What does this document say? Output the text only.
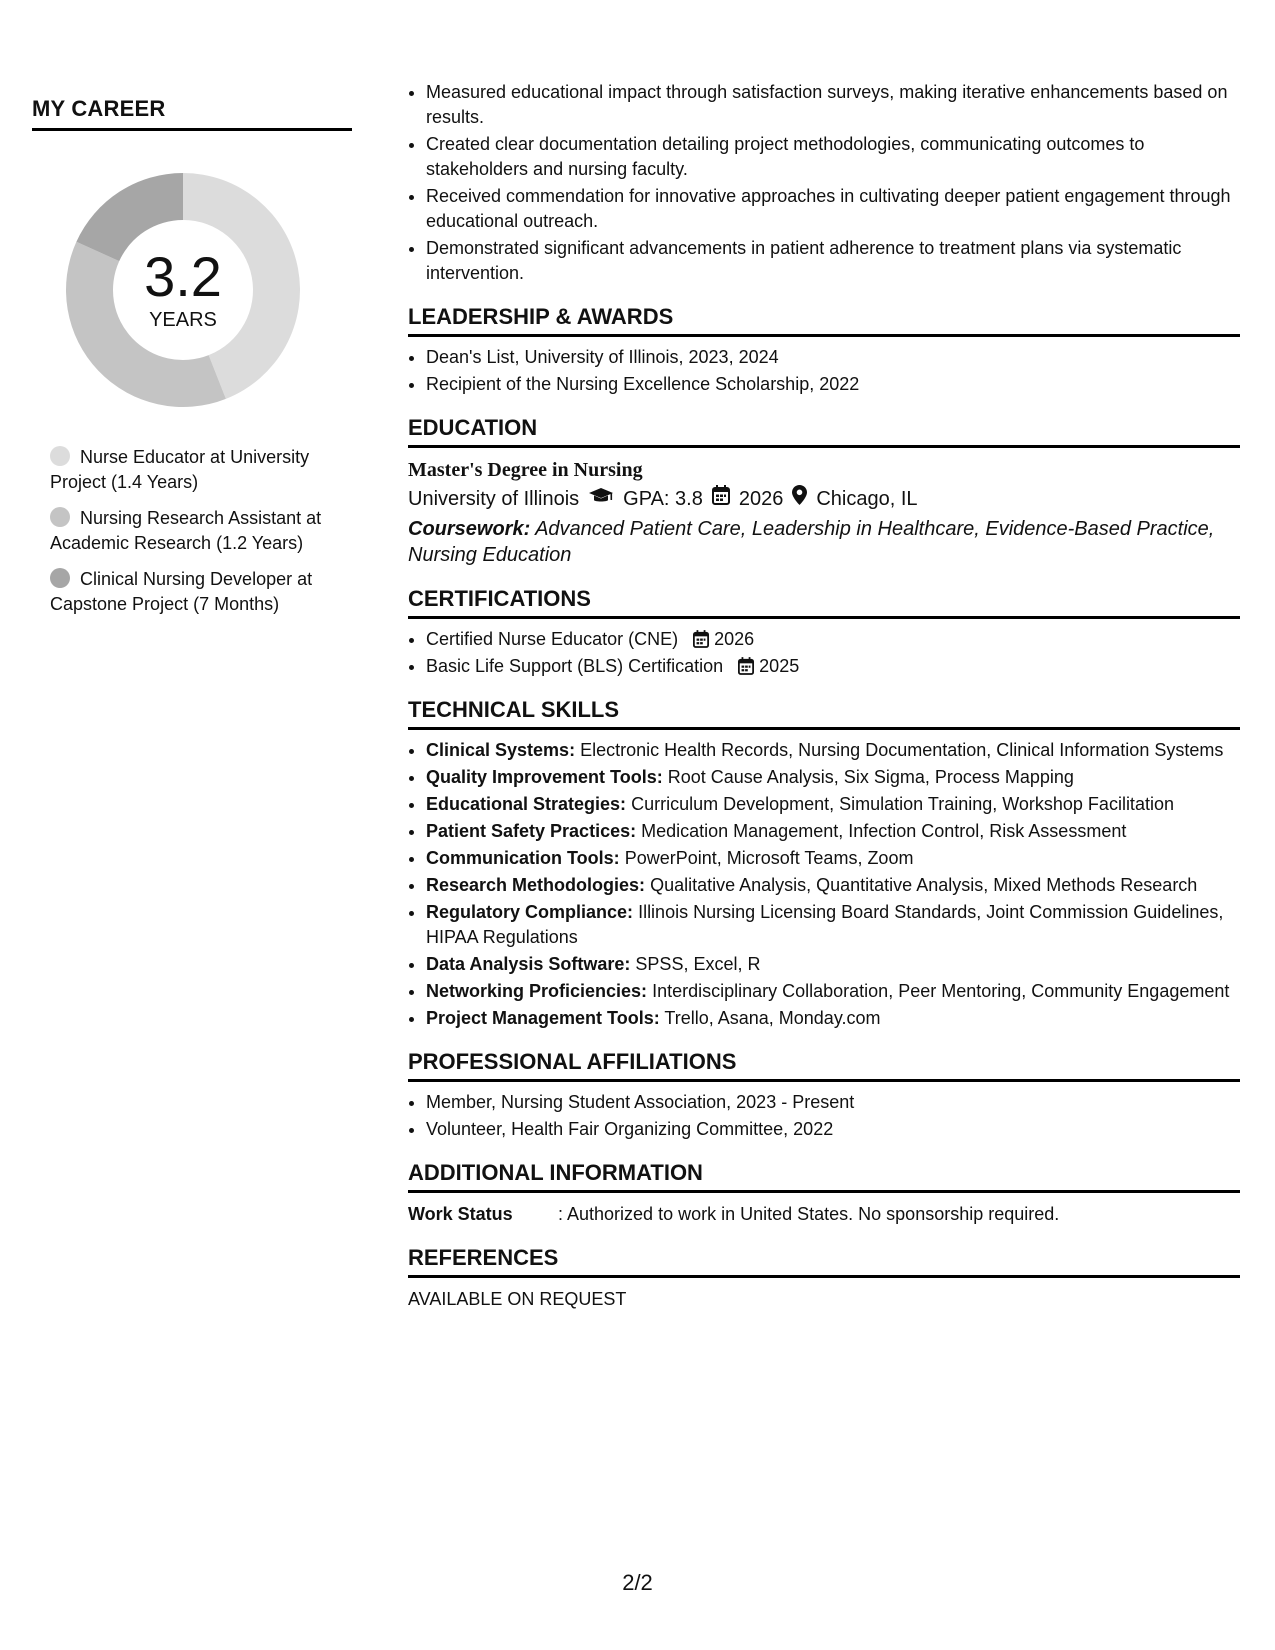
MY CAREER
3.2
YEARS
Nurse Educator at University Project (1.4 Years)
Nursing Research Assistant at Academic Research (1.2 Years)
Clinical Nursing Developer at Capstone Project (7 Months)
• Measured educational impact through satisfaction surveys, making iterative enhancements based on results.
• Created clear documentation detailing project methodologies, communicating outcomes to stakeholders and nursing faculty.
• Received commendation for innovative approaches in cultivating deeper patient engagement through educational outreach.
• Demonstrated significant advancements in patient adherence to treatment plans via systematic intervention.
LEADERSHIP & AWARDS
• Dean's List, University of Illinois, 2023, 2024
• Recipient of the Nursing Excellence Scholarship, 2022
EDUCATION
Master's Degree in Nursing
University of Illinois GPA: 3.8 2026 Chicago, IL
Coursework: Advanced Patient Care, Leadership in Healthcare, Evidence-Based Practice, Nursing Education
CERTIFICATIONS
• Certified Nurse Educator (CNE) 2026
• Basic Life Support (BLS) Certification 2025
TECHNICAL SKILLS
• Clinical Systems: Electronic Health Records, Nursing Documentation, Clinical Information Systems
• Quality Improvement Tools: Root Cause Analysis, Six Sigma, Process Mapping
• Educational Strategies: Curriculum Development, Simulation Training, Workshop Facilitation
• Patient Safety Practices: Medication Management, Infection Control, Risk Assessment
• Communication Tools: PowerPoint, Microsoft Teams, Zoom
• Research Methodologies: Qualitative Analysis, Quantitative Analysis, Mixed Methods Research
• Regulatory Compliance: Illinois Nursing Licensing Board Standards, Joint Commission Guidelines, HIPAA Regulations
• Data Analysis Software: SPSS, Excel, R
• Networking Proficiencies: Interdisciplinary Collaboration, Peer Mentoring, Community Engagement
• Project Management Tools: Trello, Asana, Monday.com
PROFESSIONAL AFFILIATIONS
• Member, Nursing Student Association, 2023 - Present
• Volunteer, Health Fair Organizing Committee, 2022
ADDITIONAL INFORMATION
Work Status	: Authorized to work in United States. No sponsorship required.
REFERENCES
AVAILABLE ON REQUEST
2/2
